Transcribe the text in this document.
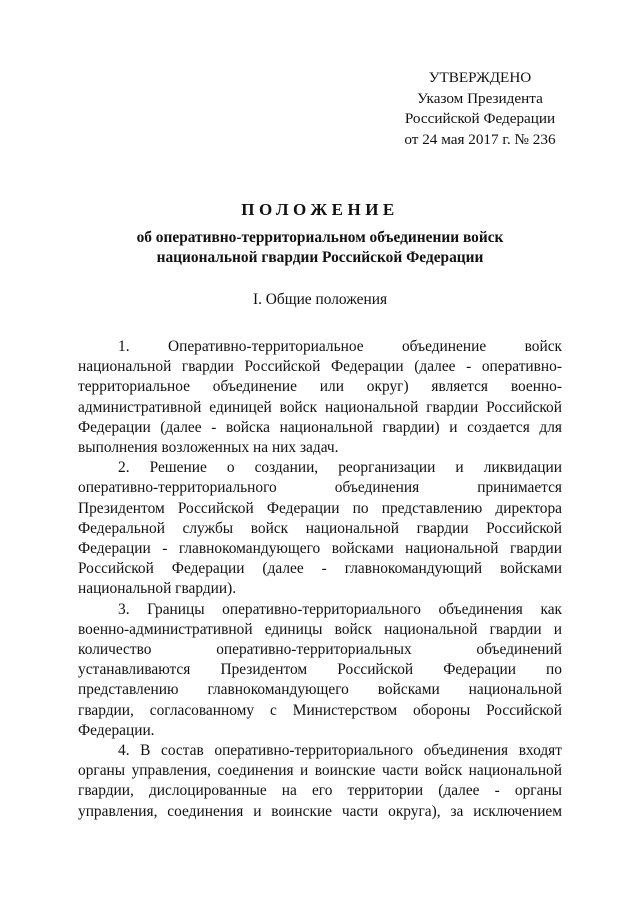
УТВЕРЖДЕНО
Указом Президента
Российской Федерации
от 24 мая 2017 г. № 236
ПОЛОЖЕНИЕ
об оперативно-территориальном объединении войск
национальной гвардии Российской Федерации
I. Общие положения
1. Оперативно-территориальное объединение войск
национальной гвардии Российской Федерации (далее - оперативно-
территориальное объединение или округ) является военно-
административной единицей войск национальной гвардии Российской
Федерации (далее - войска национальной гвардии) и создается для
выполнения возложенных на них задач.
2. Решение о создании, реорганизации и ликвидации
оперативно-территориального объединения принимается
Президентом Российской Федерации по представлению директора
Федеральной службы войск национальной гвардии Российской
Федерации - главнокомандующего войсками национальной гвардии
Российской Федерации (далее - главнокомандующий войсками
национальной гвардии).
3. Границы оперативно-территориального объединения как
военно-административной единицы войск национальной гвардии и
количество оперативно-территориальных объединений
устанавливаются Президентом Российской Федерации по
представлению главнокомандующего войсками национальной
гвардии, согласованному с Министерством обороны Российской
Федерации.
4. В состав оперативно-территориального объединения входят
органы управления, соединения и воинские части войск национальной
гвардии, дислоцированные на его территории (далее - органы
управления, соединения и воинские части округа), за исключением
